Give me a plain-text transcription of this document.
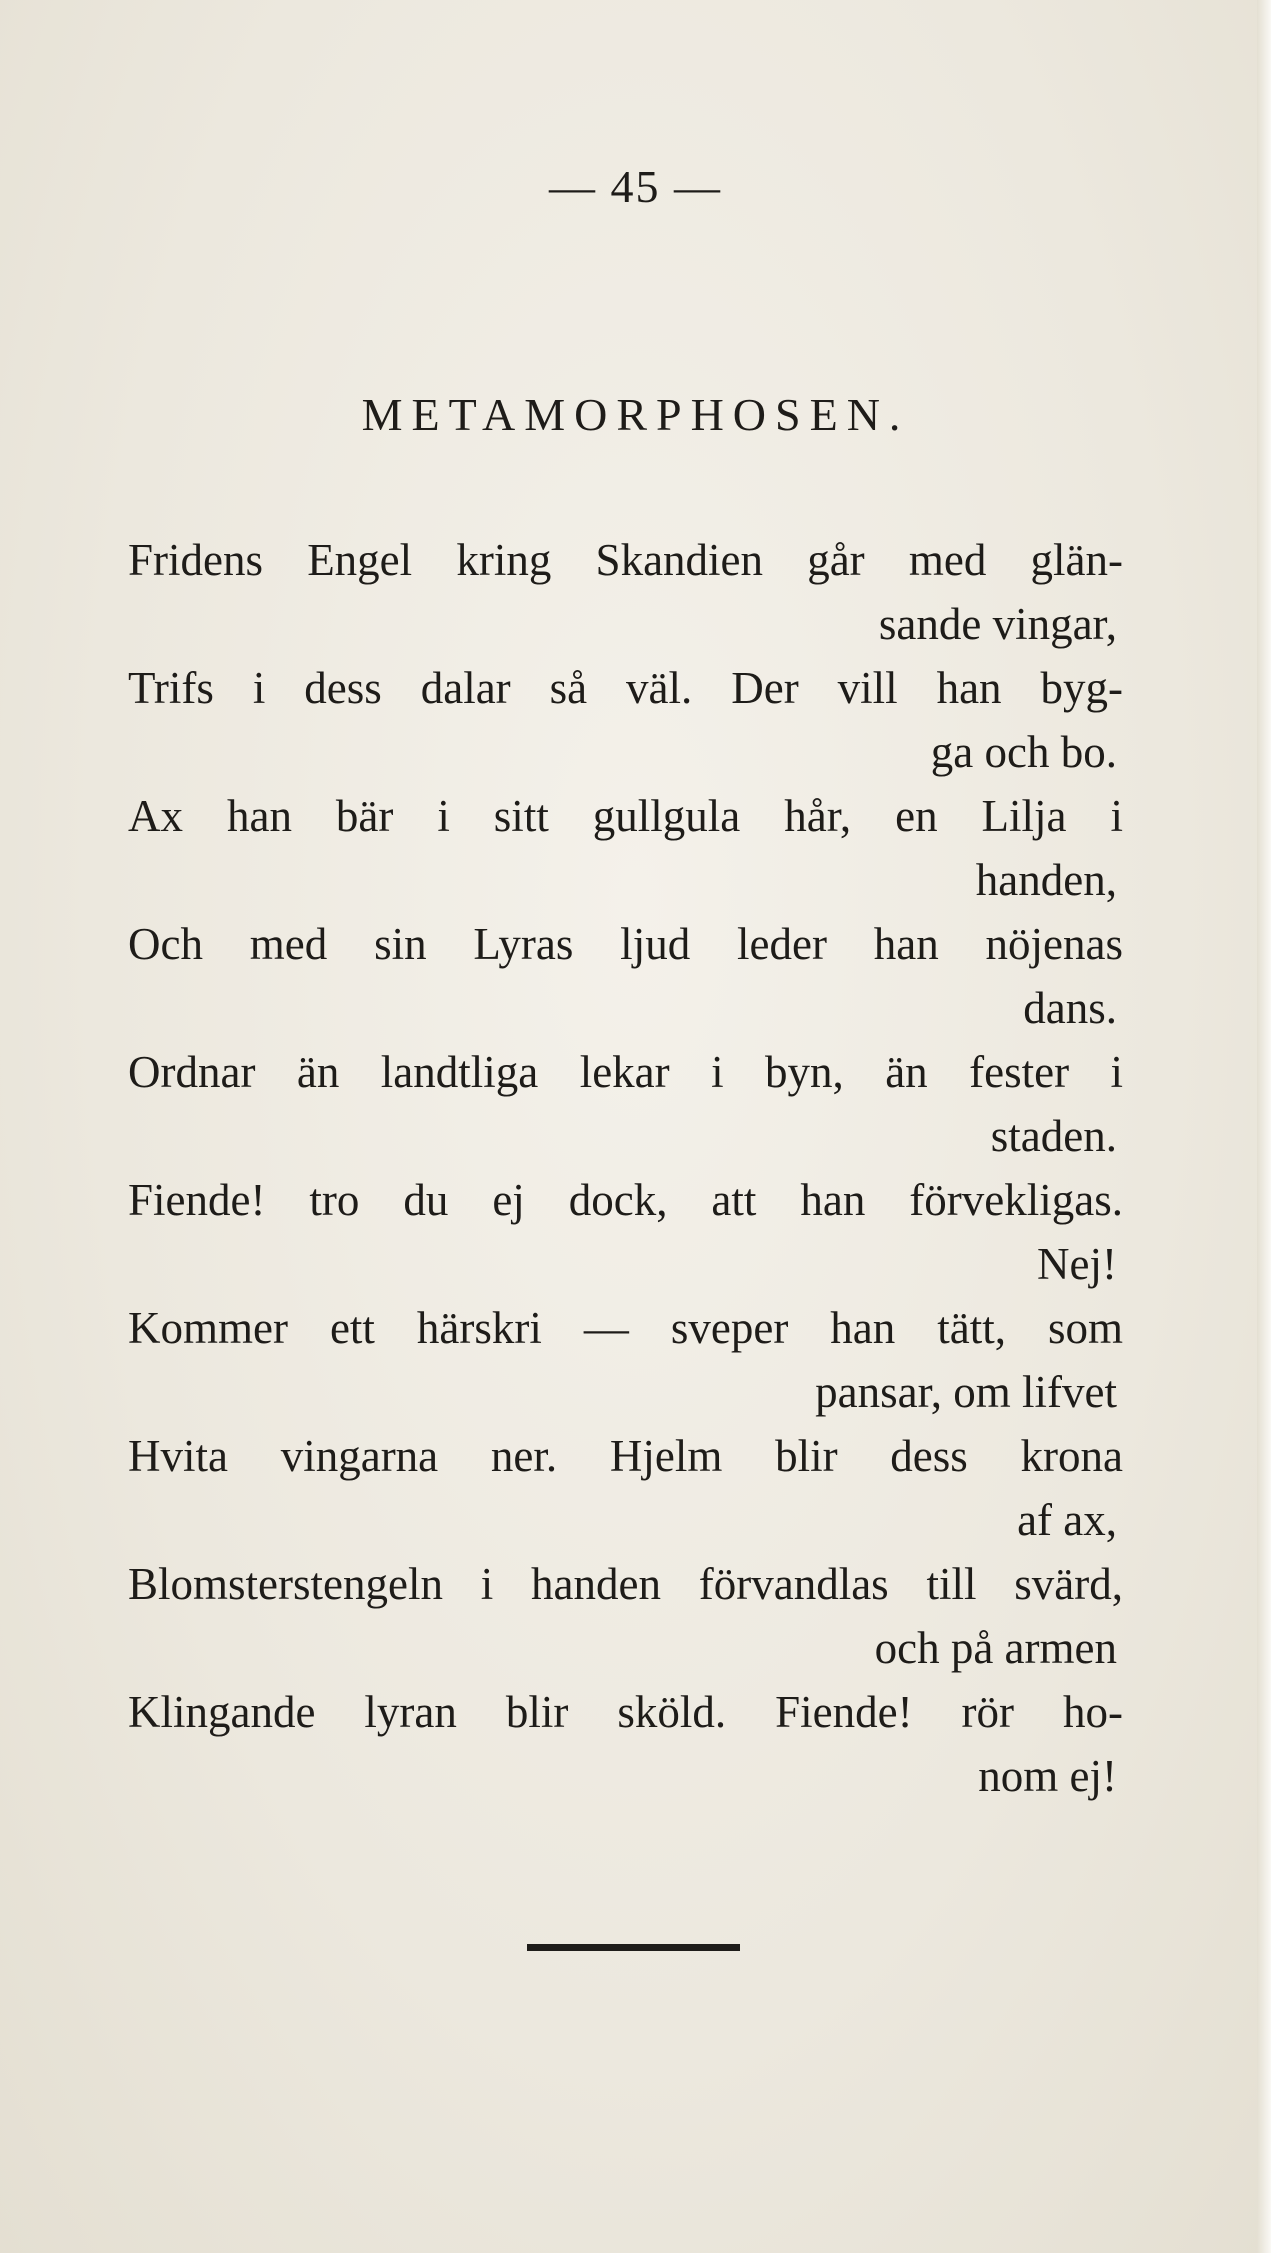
— 45 —
METAMORPHOSEN.
Fridens Engel kring Skandien går med glän-
sande vingar,
Trifs i dess dalar så väl. Der vill han byg-
ga och bo.
Ax han bär i sitt gullgula hår, en Lilja i
handen,
Och med sin Lyras ljud leder han nöjenas
dans.
Ordnar än landtliga lekar i byn, än fester i
staden.
Fiende! tro du ej dock, att han förvekligas.
Nej!
Kommer ett härskri — sveper han tätt, som
pansar, om lifvet
Hvita vingarna ner. Hjelm blir dess krona
af ax,
Blomsterstengeln i handen förvandlas till svärd,
och på armen
Klingande lyran blir sköld. Fiende! rör ho-
nom ej!
